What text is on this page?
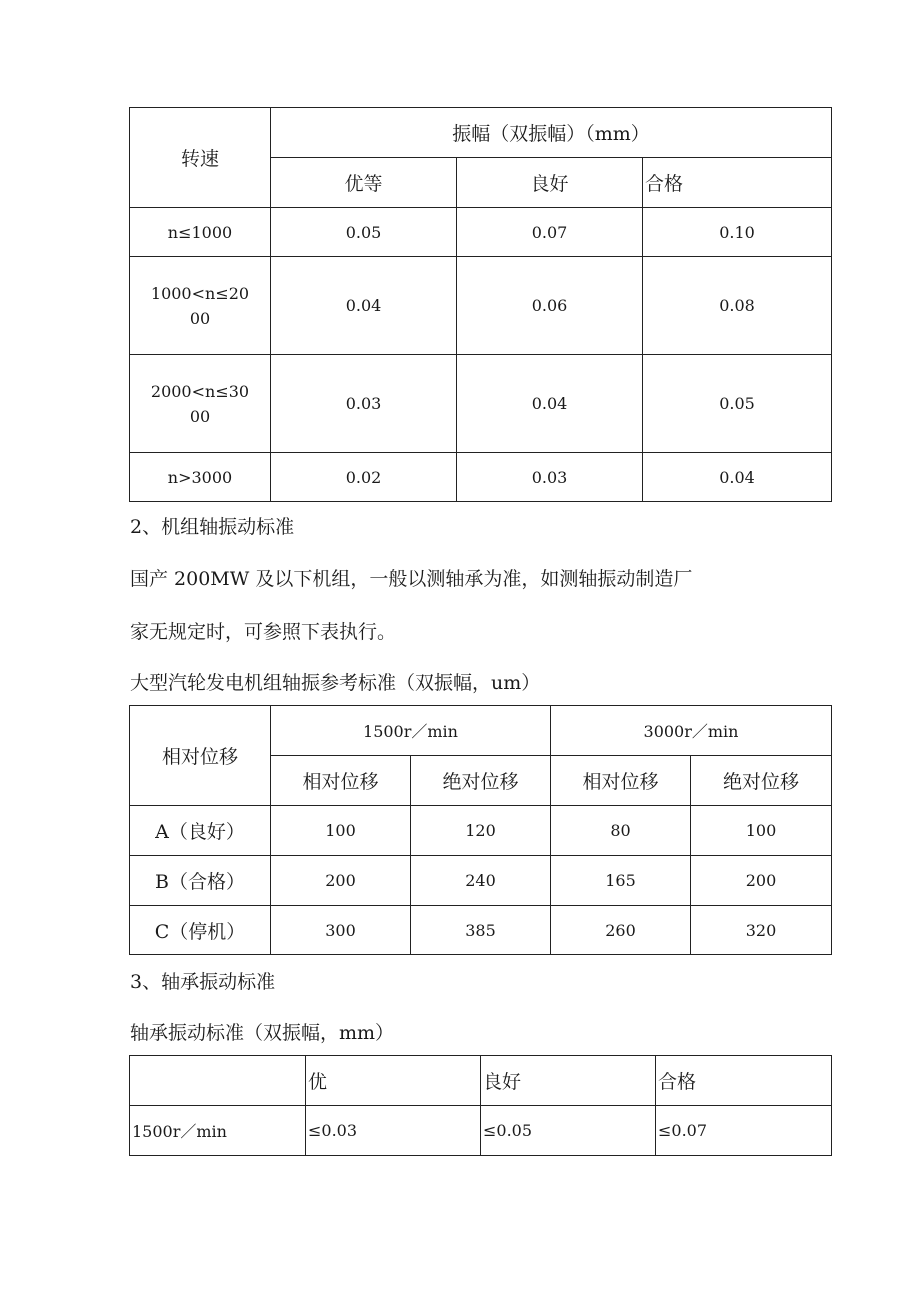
转速	振幅（双振幅）（mm）		
	优等	良好	合格
n≤1000	0.05	0.07	0.10

1000<n≤20
00	0.04	0.06	0.08

2000<n≤30
00	0.03	0.04	0.05
n>3000	0.02	0.03	0.04
2、机组轴振动标准
国产 200MW 及以下机组，一般以测轴承为准，如测轴振动制造厂
家无规定时，可参照下表执行。
大型汽轮发电机组轴振参考标准（双振幅，um）
相对位移	1500r／min		3000r／min	
	相对位移	绝对位移	相对位移	绝对位移
A（良好）	100	120	80	100
B（合格）	200	240	165	200
C（停机）	300	385	260	320
3、轴承振动标准
轴承振动标准（双振幅，mm）
	优	良好	合格
1500r／min	≤0.03	≤0.05	≤0.07
